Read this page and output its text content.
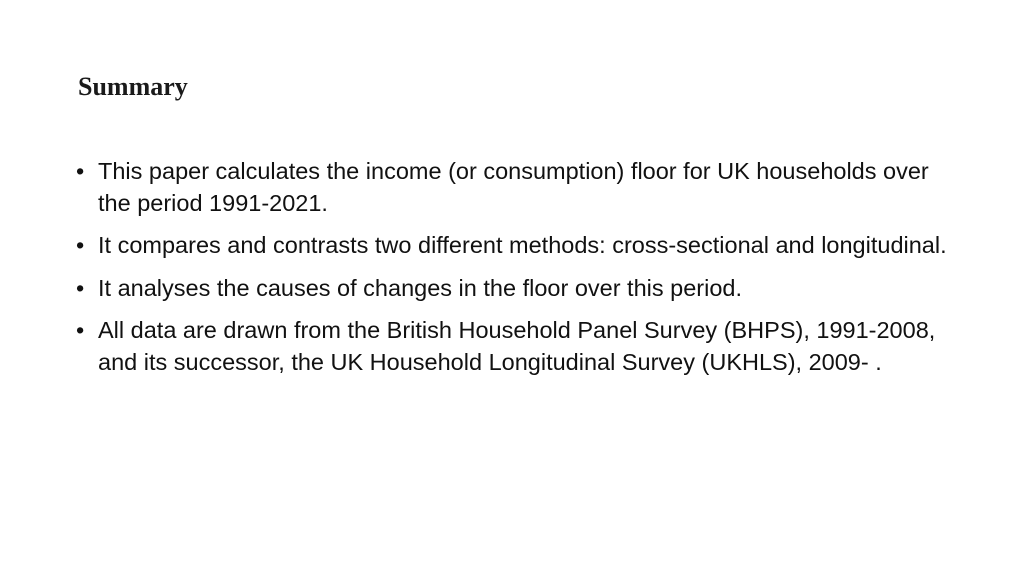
Summary
• This paper calculates the income (or consumption) floor for UK households over the period 1991-2021.
• It compares and contrasts two different methods: cross-sectional and longitudinal.
• It analyses the causes of changes in the floor over this period.
• All data are drawn from the British Household Panel Survey (BHPS), 1991-2008, and its successor, the UK Household Longitudinal Survey (UKHLS), 2009- .
